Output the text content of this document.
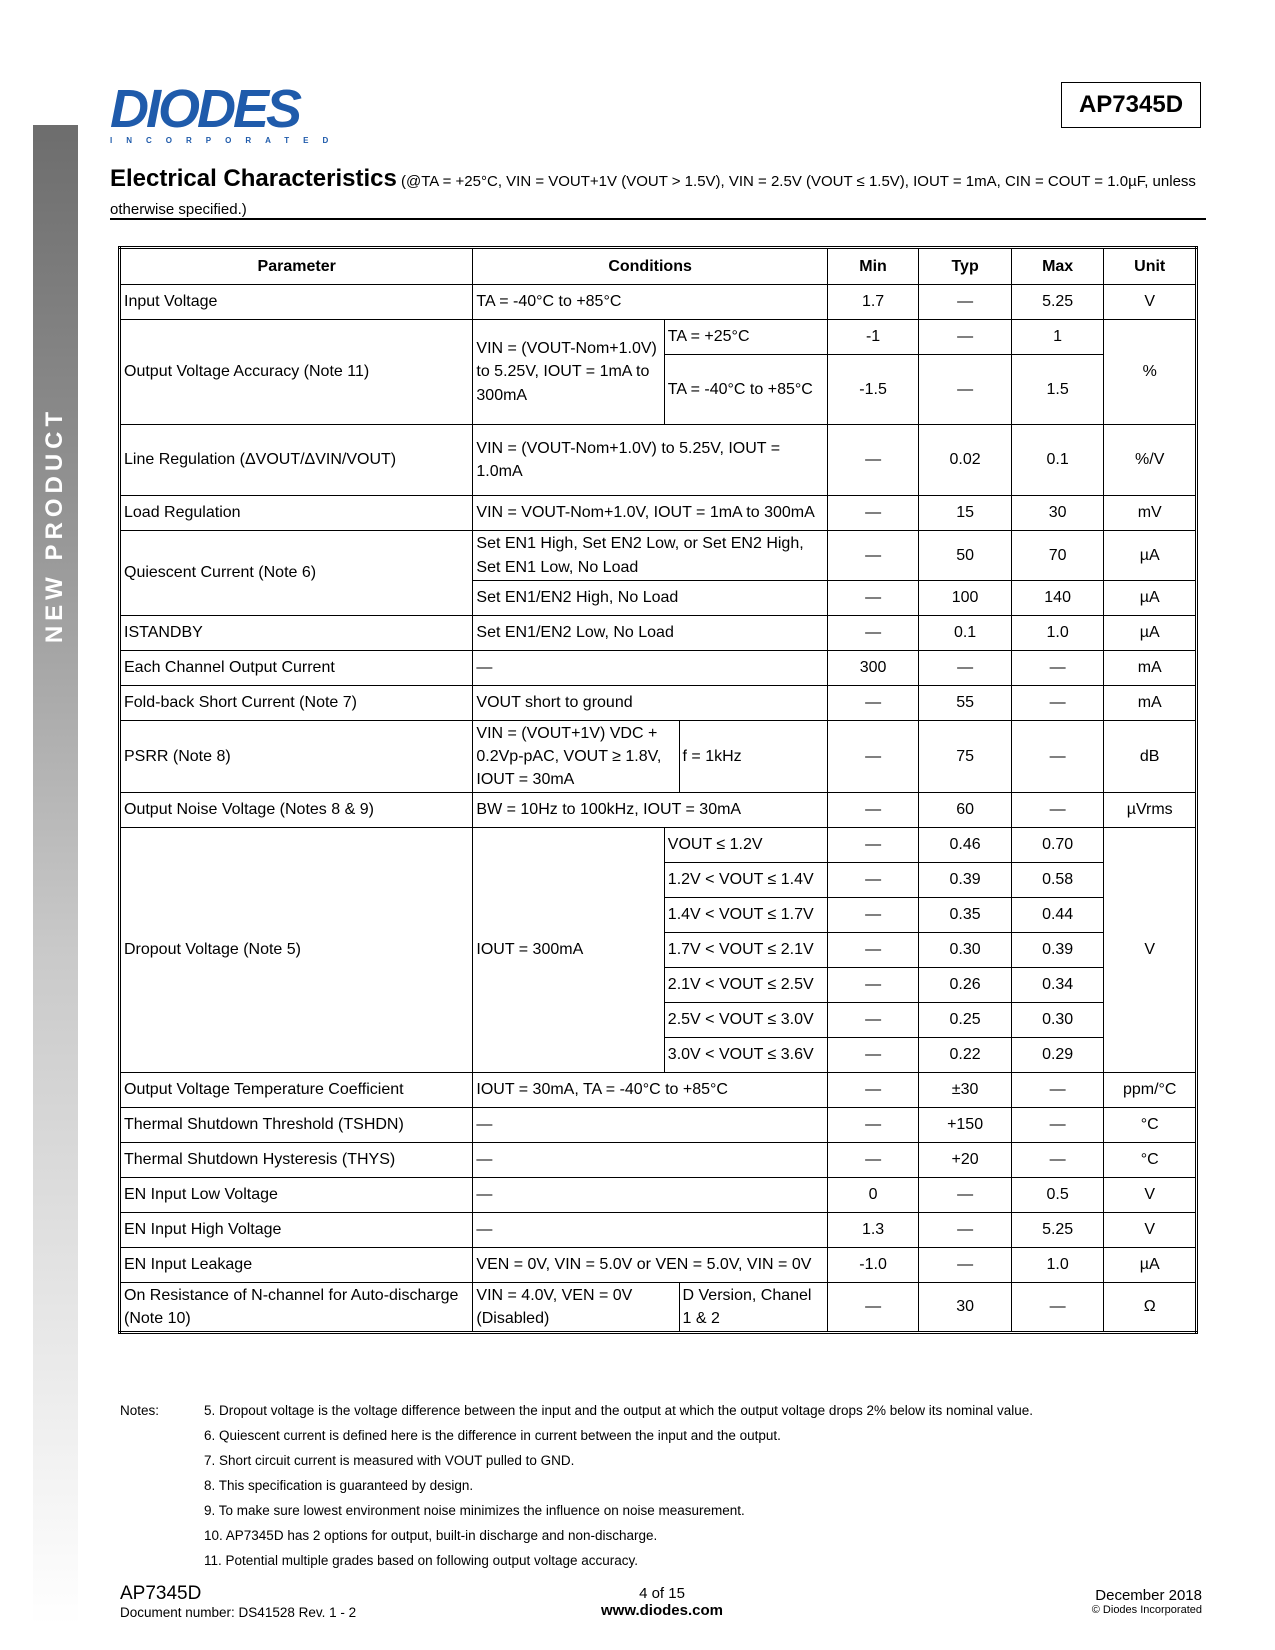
NEW PRODUCT
DIODES
INCORPORATED
AP7345D
Electrical Characteristics (@TA = +25°C, VIN = VOUT+1V (VOUT > 1.5V), VIN = 2.5V (VOUT ≤ 1.5V), IOUT = 1mA, CIN = COUT = 1.0µF, unless otherwise specified.)
Parameter	Conditions			Min	Typ	Max	Unit
Input Voltage	TA = -40°C to +85°C			1.7	—	5.25	V
Output Voltage Accuracy (Note 11)	VIN = (VOUT-Nom+1.0V) to 5.25V, IOUT = 1mA to 300mA	TA = +25°C		-1	—	1	%
		TA = -40°C to +85°C		-1.5	—	1.5	
Line Regulation (ΔVOUT/ΔVIN/VOUT)	VIN = (VOUT-Nom+1.0V) to 5.25V, IOUT = 1.0mA			—	0.02	0.1	%/V
Load Regulation	VIN = VOUT-Nom+1.0V, IOUT = 1mA to 300mA			—	15	30	mV
Quiescent Current (Note 6)	Set EN1 High, Set EN2 Low, or Set EN2 High, Set EN1 Low, No Load			—	50	70	µA
	Set EN1/EN2 High, No Load			—	100	140	µA
ISTANDBY	Set EN1/EN2 Low, No Load			—	0.1	1.0	µA
Each Channel Output Current	—			300	—	—	mA
Fold-back Short Current (Note 7)	VOUT short to ground			—	55	—	mA
PSRR (Note 8)	VIN = (VOUT+1V) VDC + 0.2Vp-pAC, VOUT ≥ 1.8V, IOUT = 30mA		f = 1kHz	—	75	—	dB
Output Noise Voltage (Notes 8 & 9)	BW = 10Hz to 100kHz, IOUT = 30mA			—	60	—	µVrms
Dropout Voltage (Note 5)	IOUT = 300mA	VOUT ≤ 1.2V		—	0.46	0.70	V
		1.2V < VOUT ≤ 1.4V		—	0.39	0.58	
		1.4V < VOUT ≤ 1.7V		—	0.35	0.44	
		1.7V < VOUT ≤ 2.1V		—	0.30	0.39	
		2.1V < VOUT ≤ 2.5V		—	0.26	0.34	
		2.5V < VOUT ≤ 3.0V		—	0.25	0.30	
		3.0V < VOUT ≤ 3.6V		—	0.22	0.29	
Output Voltage Temperature Coefficient	IOUT = 30mA, TA = -40°C to +85°C			—	±30	—	ppm/°C
Thermal Shutdown Threshold (TSHDN)	—			—	+150	—	°C
Thermal Shutdown Hysteresis (THYS)	—			—	+20	—	°C
EN Input Low Voltage	—			0	—	0.5	V
EN Input High Voltage	—			1.3	—	5.25	V
EN Input Leakage	VEN = 0V, VIN = 5.0V or VEN = 5.0V, VIN = 0V			-1.0	—	1.0	µA
On Resistance of N-channel for Auto-discharge (Note 10)	VIN = 4.0V, VEN = 0V (Disabled)		D Version, Chanel 1 & 2	—	30	—	Ω
Notes:	5. Dropout voltage is the voltage difference between the input and the output at which the output voltage drops 2% below its nominal value.
6. Quiescent current is defined here is the difference in current between the input and the output.
7. Short circuit current is measured with VOUT pulled to GND.
8. This specification is guaranteed by design.
9. To make sure lowest environment noise minimizes the influence on noise measurement.
10. AP7345D has 2 options for output, built-in discharge and non-discharge.
11. Potential multiple grades based on following output voltage accuracy.
AP7345D
Document number: DS41528 Rev. 1 - 2
4 of 15
www.diodes.com
December 2018
© Diodes Incorporated
